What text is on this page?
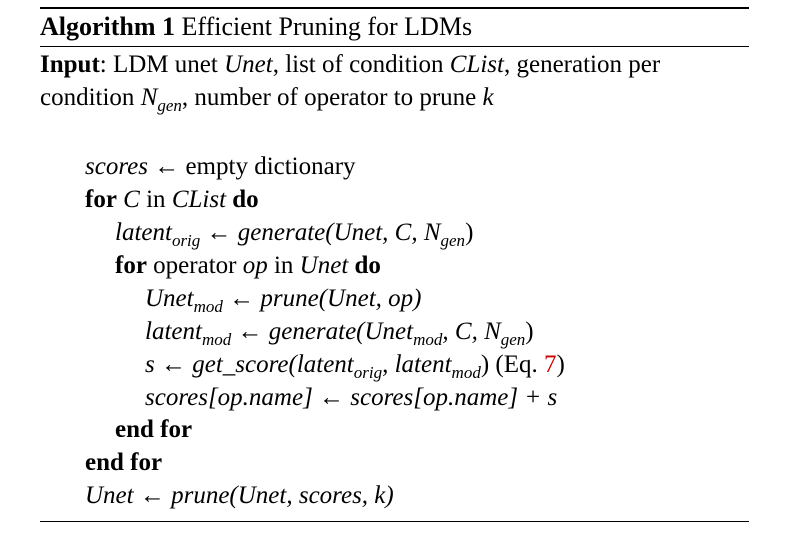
Algorithm 1 Efficient Pruning for LDMs
Input: LDM unet Unet, list of condition CList, generation per
condition $N_{gen}$, number of operator to prune k
scores ← empty dictionary
for C in CList do
latent$_{orig}$ ← generate(Unet, C, $N_{gen}$)
for operator op in Unet do
Unet$_{mod}$ ← prune(Unet, op)
latent$_{mod}$ ← generate(Unet$_{mod}$, C, $N_{gen}$)
s ← get_score(latent$_{orig}$, latent$_{mod}$) (Eq. 7)
scores[op.name] ← scores[op.name] + s
end for
end for
Unet ← prune(Unet, scores, k)
